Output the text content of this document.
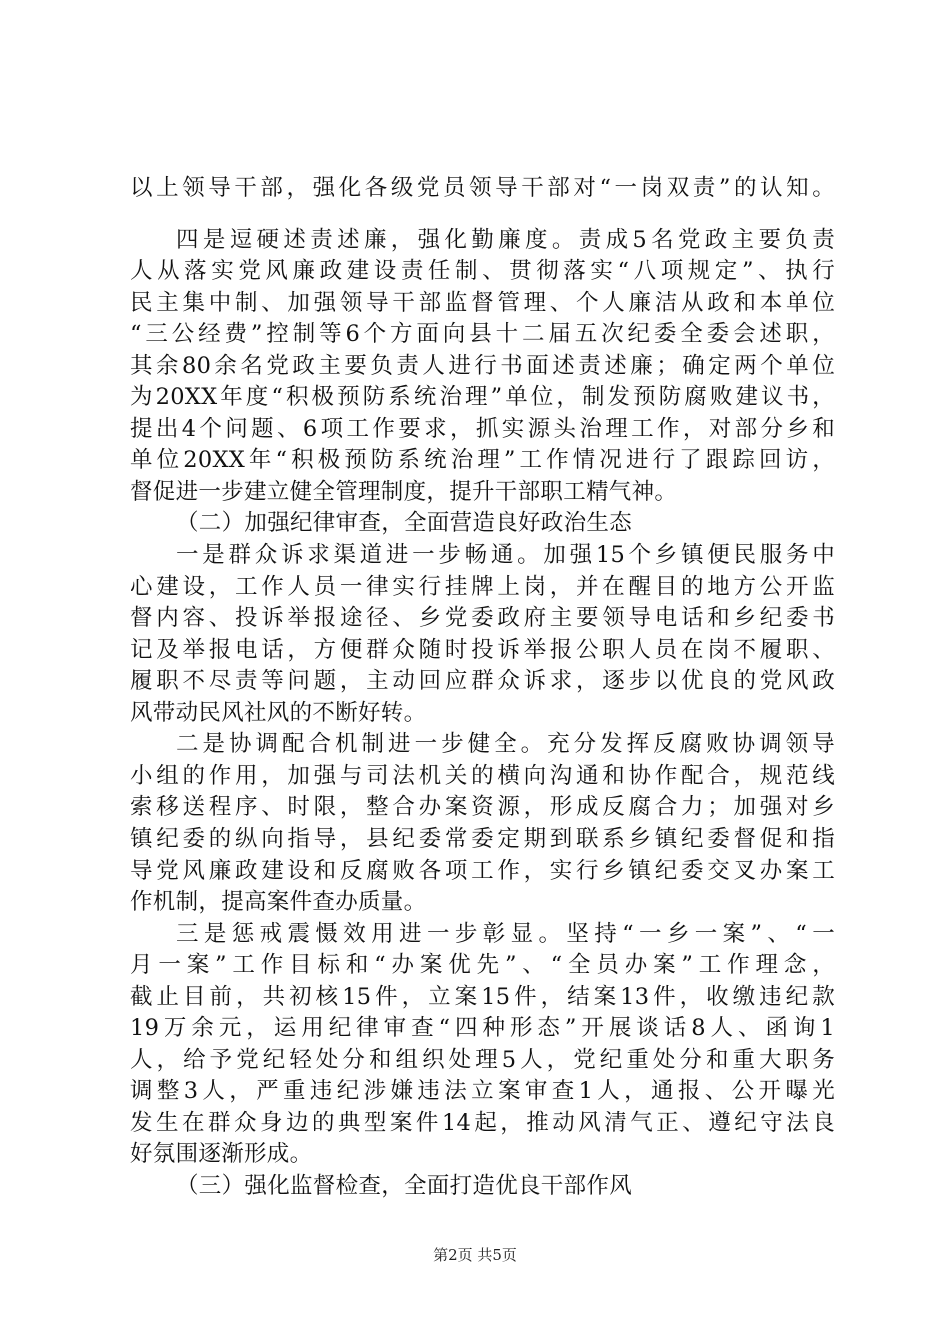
以上领导干部，强化各级党员领导干部对“一岗双责”的认知。
四是逗硬述责述廉，强化勤廉度。责成5名党政主要负责
人从落实党风廉政建设责任制、贯彻落实“八项规定”、执行
民主集中制、加强领导干部监督管理、个人廉洁从政和本单位
“三公经费”控制等6个方面向县十二届五次纪委全委会述职，
其余80余名党政主要负责人进行书面述责述廉；确定两个单位
为20XX年度“积极预防系统治理”单位，制发预防腐败建议书，
提出4个问题、6项工作要求，抓实源头治理工作，对部分乡和
单位20XX年“积极预防系统治理”工作情况进行了跟踪回访，
督促进一步建立健全管理制度，提升干部职工精气神。
（二）加强纪律审查，全面营造良好政治生态
一是群众诉求渠道进一步畅通。加强15个乡镇便民服务中
心建设，工作人员一律实行挂牌上岗，并在醒目的地方公开监
督内容、投诉举报途径、乡党委政府主要领导电话和乡纪委书
记及举报电话，方便群众随时投诉举报公职人员在岗不履职、
履职不尽责等问题，主动回应群众诉求，逐步以优良的党风政
风带动民风社风的不断好转。
二是协调配合机制进一步健全。充分发挥反腐败协调领导
小组的作用，加强与司法机关的横向沟通和协作配合，规范线
索移送程序、时限，整合办案资源，形成反腐合力；加强对乡
镇纪委的纵向指导，县纪委常委定期到联系乡镇纪委督促和指
导党风廉政建设和反腐败各项工作，实行乡镇纪委交叉办案工
作机制，提高案件查办质量。
三是惩戒震慑效用进一步彰显。坚持“一乡一案”、“一
月一案”工作目标和“办案优先”、“全员办案”工作理念，
截止目前，共初核15件，立案15件，结案13件，收缴违纪款
19万余元，运用纪律审查“四种形态”开展谈话8人、函询1
人，给予党纪轻处分和组织处理5人，党纪重处分和重大职务
调整3人，严重违纪涉嫌违法立案审查1人，通报、公开曝光
发生在群众身边的典型案件14起，推动风清气正、遵纪守法良
好氛围逐渐形成。
（三）强化监督检查，全面打造优良干部作风
第2页 共5页
